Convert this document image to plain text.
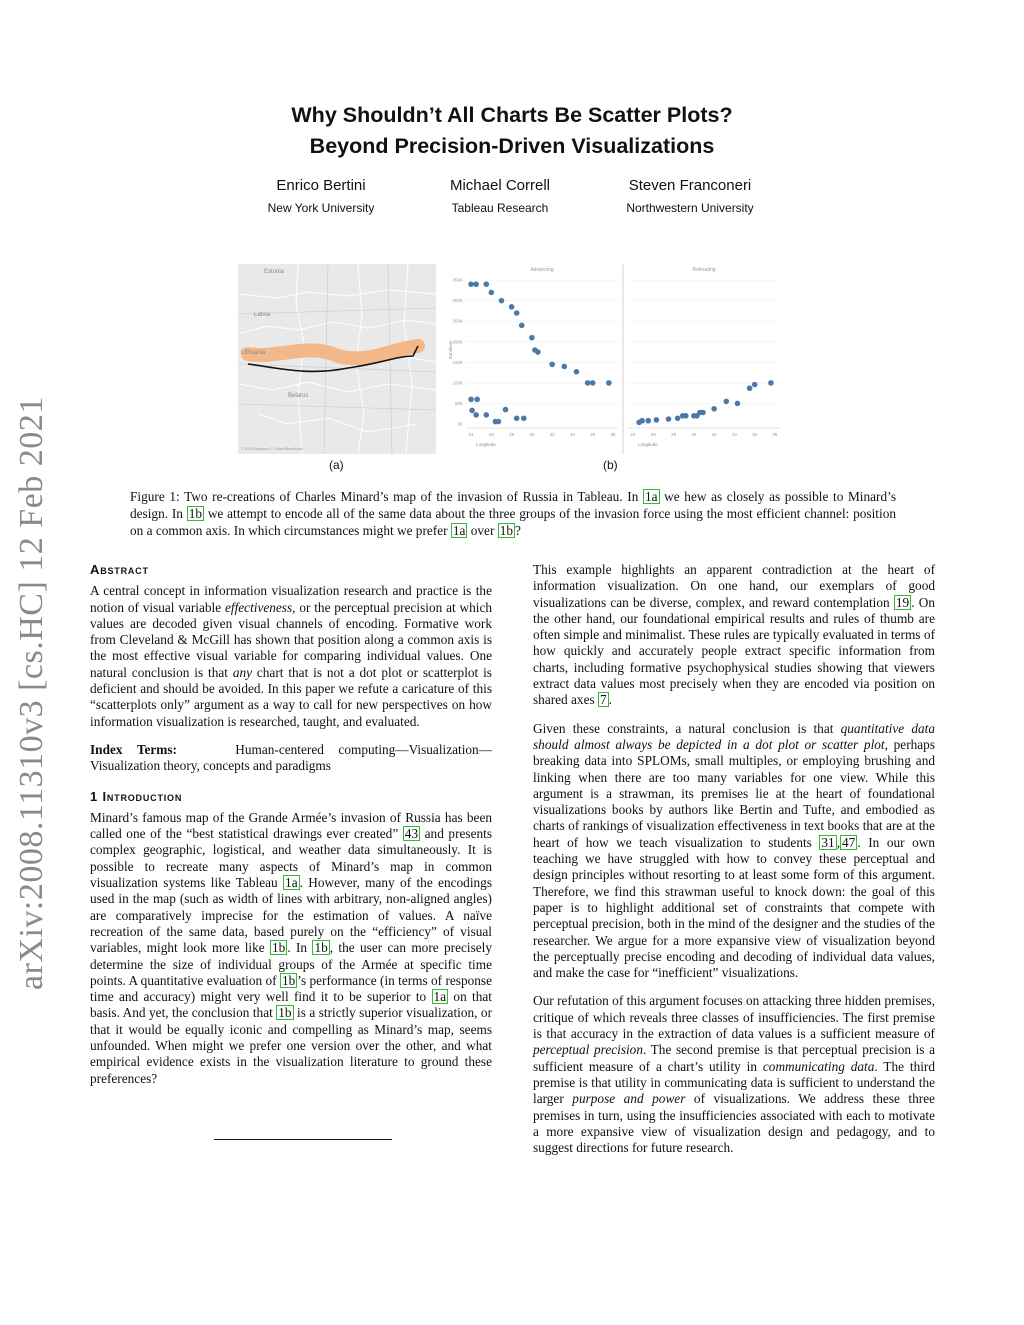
arXiv:2008.11310v3 [cs.HC] 12 Feb 2021
Why Shouldn’t All Charts Be Scatter Plots?
Beyond Precision-Driven Visualizations
Enrico Bertini
New York University
Michael Correll
Tableau Research
Steven Franconeri
Northwestern University
Estonia
Latvia
Lithuania
Belarus
© 2020 Mapbox © OpenStreetMap
Advancing
0K
50K
100K
150K
200K
250K
300K
350K
24	26	28	30	32	34	36	38
Longitude
Survivors
Retreating
24	26	28	30	32	34	36	38
Longitude
(a)	(b)
Figure 1: Two re-creations of Charles Minard’s map of the invasion of Russia in Tableau. In 1a we hew as closely as possible to Minard’s design. In 1b we attempt to encode all of the same data about the three groups of the invasion force using the most efficient channel: position on a common axis. In which circumstances might we prefer 1a over 1b ?
Abstract

A central concept in information visualization research and practice is the notion of visual variable effectiveness, or the perceptual precision at which values are decoded given visual channels of encoding. Formative work from Cleveland & McGill has shown that position along a common axis is the most effective visual variable for comparing individual values. One natural conclusion is that any chart that is not a dot plot or scatterplot is deficient and should be avoided. In this paper we refute a caricature of this “scatterplots only” argument as a way to call for new perspectives on how information visualization is researched, taught, and evaluated.

Index Terms:	Human-centered computing—Visualization—Visualization theory, concepts and paradigms

1 Introduction

Minard’s famous map of the Grande Armée’s invasion of Russia has been called one of the “best statistical drawings ever created” 43 and presents complex geographic, logistical, and weather data simultaneously. It is possible to recreate many aspects of Minard’s map in common visualization systems like Tableau 1a . However, many of the encodings used in the map (such as width of lines with arbitrary, non-aligned angles) are comparatively imprecise for the estimation of values. A naïve recreation of the same data, based purely on the “efficiency” of visual variables, might look more like 1b . In 1b , the user can more precisely determine the size of individual groups of the Armée at specific time points. A quantitative evaluation of 1b ’s performance (in terms of response time and accuracy) might very well find it to be superior to 1a on that basis. And yet, the conclusion that 1b is a strictly superior visualization, or that it would be equally iconic and compelling as Minard’s map, seems unfounded. When might we prefer one version over the other, and what empirical evidence exists in the visualization literature to ground these preferences?

This example highlights an apparent contradiction at the heart of information visualization. On one hand, our exemplars of good visualizations can be diverse, complex, and reward contemplation 19 . On the other hand, our foundational empirical results and rules of thumb are often simple and minimalist. These rules are typically evaluated in terms of how quickly and accurately people extract specific information from charts, including formative psychophysical studies showing that viewers extract data values most precisely when they are encoded via position on shared axes 7 .

Given these constraints, a natural conclusion is that quantitative data should almost always be depicted in a dot plot or scatter plot, perhaps breaking data into SPLOMs, small multiples, or employing brushing and linking when there are too many variables for one view. While this argument is a strawman, its premises lie at the heart of foundational visualizations books by authors like Bertin and Tufte, and embodied as charts of rankings of visualization effectiveness in text books that are at the heart of how we teach visualization to students 31 , 47 . In our own teaching we have struggled with how to convey these perceptual and design principles without resorting to at least some form of this argument. Therefore, we find this strawman useful to knock down: the goal of this paper is to highlight additional set of constraints that compete with perceptual precision, both in the mind of the designer and the studies of the researcher. We argue for a more expansive view of visualization beyond the perceptually precise encoding and decoding of individual data values, and make the case for “inefficient” visualizations.

Our refutation of this argument focuses on attacking three hidden premises, critique of which reveals three classes of insufficiencies. The first premise is that accuracy in the extraction of data values is a sufficient measure of perceptual precision. The second premise is that perceptual precision is a sufficient measure of a chart’s utility in communicating data. The third premise is that utility in communicating data is sufficient to understand the larger purpose and power of visualizations. We address these three premises in turn, using the insufficiencies associated with each to motivate a more expansive view of visualization design and pedagogy, and to suggest directions for future research.
